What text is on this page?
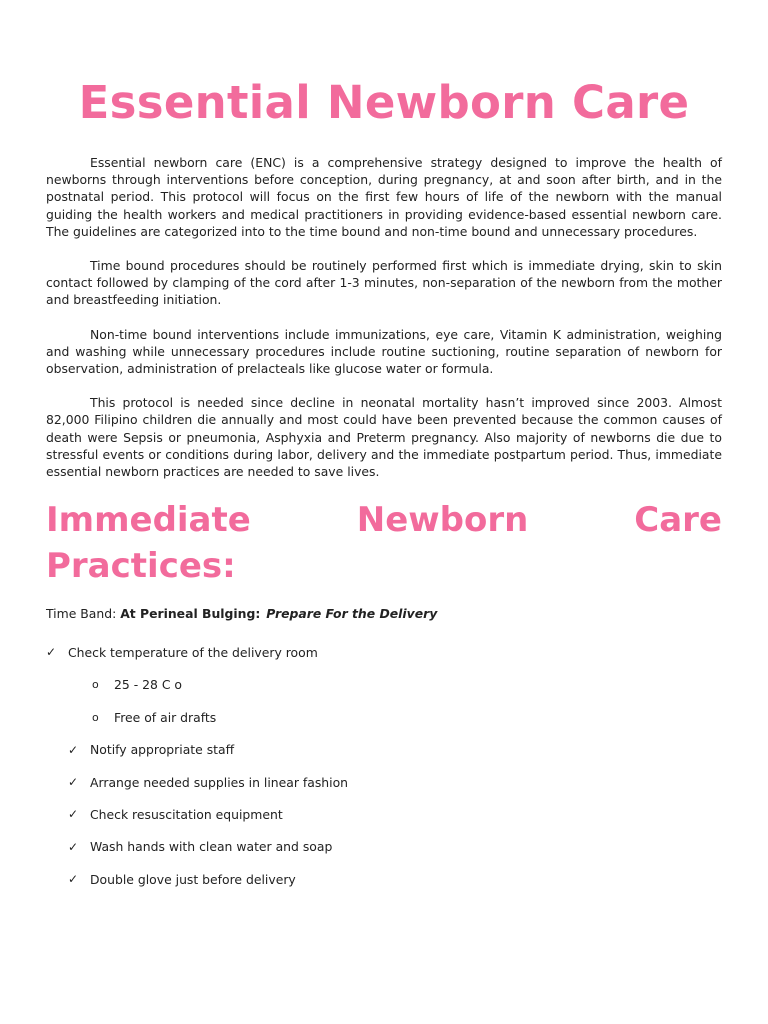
Essential Newborn Care

Essential newborn care (ENC) is a comprehensive strategy designed to improve the health of newborns through interventions before conception, during pregnancy, at and soon after birth, and in the postnatal period. This protocol will focus on the first few hours of life of the newborn with the manual guiding the health workers and medical practitioners in providing evidence-based essential newborn care. The guidelines are categorized into to the time bound and non-time bound and unnecessary procedures.

Time bound procedures should be routinely performed first which is immediate drying, skin to skin contact followed by clamping of the cord after 1-3 minutes, non-separation of the newborn from the mother and breastfeeding initiation.

Non-time bound interventions include immunizations, eye care, Vitamin K administration, weighing and washing while unnecessary procedures include routine suctioning, routine separation of newborn for observation, administration of prelacteals like glucose water or formula.

This protocol is needed since decline in neonatal mortality hasn’t improved since 2003. Almost 82,000 Filipino children die annually and most could have been prevented because the common causes of death were Sepsis or pneumonia, Asphyxia and Preterm pregnancy. Also majority of newborns die due to stressful events or conditions during labor, delivery and the immediate postpartum period. Thus, immediate essential newborn practices are needed to save lives.

Immediate	Newborn	Care
Practices:
Time Band: At Perineal Bulging: Prepare For the Delivery
✓ Check temperature of the delivery room
o	25 - 28 C o
o	Free of air drafts
✓ Notify appropriate staff
✓ Arrange needed supplies in linear fashion
✓ Check resuscitation equipment
✓ Wash hands with clean water and soap
✓ Double glove just before delivery
